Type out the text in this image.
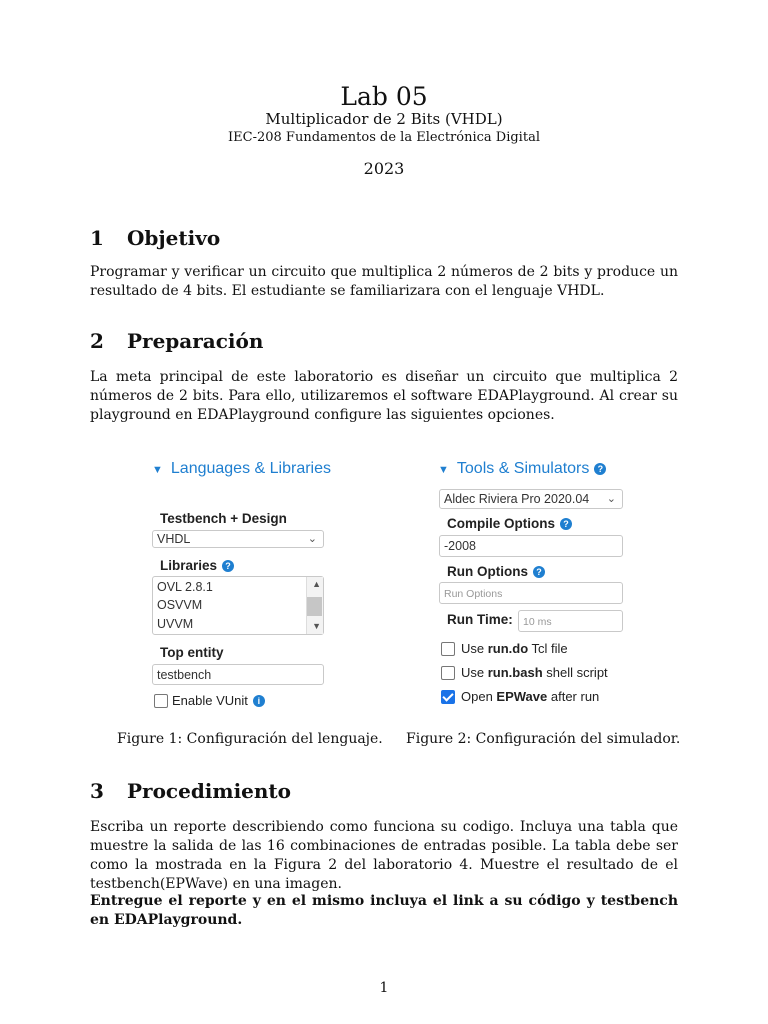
Lab 05
Multiplicador de 2 Bits (VHDL)
IEC-208 Fundamentos de la Electrónica Digital
2023
1 Objetivo
Programar y verificar un circuito que multiplica 2 números de 2 bits y produce un resultado de 4 bits. El estudiante se familiarizara con el lenguaje VHDL.
2 Preparación
La meta principal de este laboratorio es diseñar un circuito que multiplica 2 números de 2 bits. Para ello, utilizaremos el software EDAPlayground. Al crear su playground en EDAPlayground configure las siguientes opciones.
▼ Languages & Libraries
Testbench + Design
VHDL	⌄
Libraries ?
OVL 2.8.1
OSVVM
UVVM
▲
▼
Top entity
testbench
Enable VUnit i
Figure 1: Configuración del lenguaje.
▼ Tools & Simulators ?
Aldec Riviera Pro 2020.04 ⌄
Compile Options ?
-2008
Run Options ?
Run Options
Run Time: 10 ms
Use run.do Tcl file
Use run.bash shell script
Open EPWave after run
Figure 2: Configuración del simulador.
3 Procedimiento
Escriba un reporte describiendo como funciona su codigo. Incluya una tabla que muestre la salida de las 16 combinaciones de entradas posible. La tabla debe ser como la mostrada en la Figura 2 del laboratorio 4. Muestre el resultado de el testbench(EPWave) en una imagen.
Entregue el reporte y en el mismo incluya el link a su código y testbench en EDAPlayground.
1
